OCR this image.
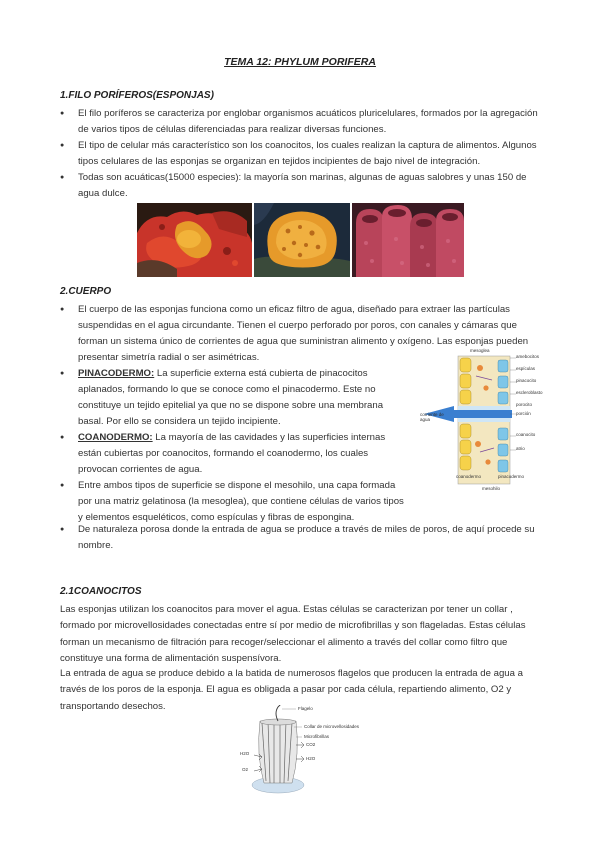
TEMA 12: PHYLUM PORIFERA
1.FILO PORÍFEROS(ESPONJAS)
● El filo poríferos se caracteriza por englobar organismos acuáticos pluricelulares, formados por la agregación de varios tipos de células diferenciadas para realizar diversas funciones.
● El tipo de celular más característico son los coanocitos, los cuales realizan la captura de alimentos. Algunos tipos celulares de las esponjas se organizan en tejidos incipientes de bajo nivel de integración.
● Todas son acuáticas(15000 especies): la mayoría son marinas, algunas de aguas salobres y unas 150 de agua dulce.
2.CUERPO
● El cuerpo de las esponjas funciona como un eficaz filtro de agua, diseñado para extraer las partículas suspendidas en el agua circundante. Tienen el cuerpo perforado por poros, con canales y cámaras que forman un sistema único de corrientes de agua que suministran alimento y oxígeno. Las esponjas pueden presentar simetría radial o ser asimétricas.
● PINACODERMO: La superficie externa está cubierta de pinacocitos aplanados, formando lo que se conoce como el pinacodermo. Este no constituye un tejido epitelial ya que no se dispone sobre una membrana basal. Por ello se considera un tejido incipiente.
● COANODERMO: La mayoría de las cavidades y las superficies internas están cubiertas por coanocitos, formando el coanodermo, los cuales provocan corrientes de agua.
● Entre ambos tipos de superficie se dispone el mesohilo, una capa formada por una matriz gelatinosa (la mesoglea), que contiene células de varios tipos y elementos esqueléticos, como espículas y fibras de espongina.
● De naturaleza porosa donde la entrada de agua se produce a través de miles de poros, de aquí procede su nombre.
mesoglea
amebocitos
espículas
pinacocito
escleroblasto
porocito
porción
corriente de agua
coanocito
atrio
coanodermo	pinacodermo
mesohilo
2.1COANOCITOS
Las esponjas utilizan los coanocitos para mover el agua. Estas células se caracterizan por tener un collar , formado por microvellosidades conectadas entre sí por medio de microfibrillas y son flageladas. Estas células forman un mecanismo de filtración para recoger/seleccionar el alimento a través del collar como filtro que constituye una forma de alimentación suspensívora.
La entrada de agua se produce debido a la batida de numerosos flagelos que producen la entrada de agua a través de los poros de la esponja. El agua es obligada a pasar por cada célula, repartiendo alimento, O2 y transportando desechos.	Flagelo
Collar de microvellosidades
Microfibrillas
H2O
O2
CO2
H2O
